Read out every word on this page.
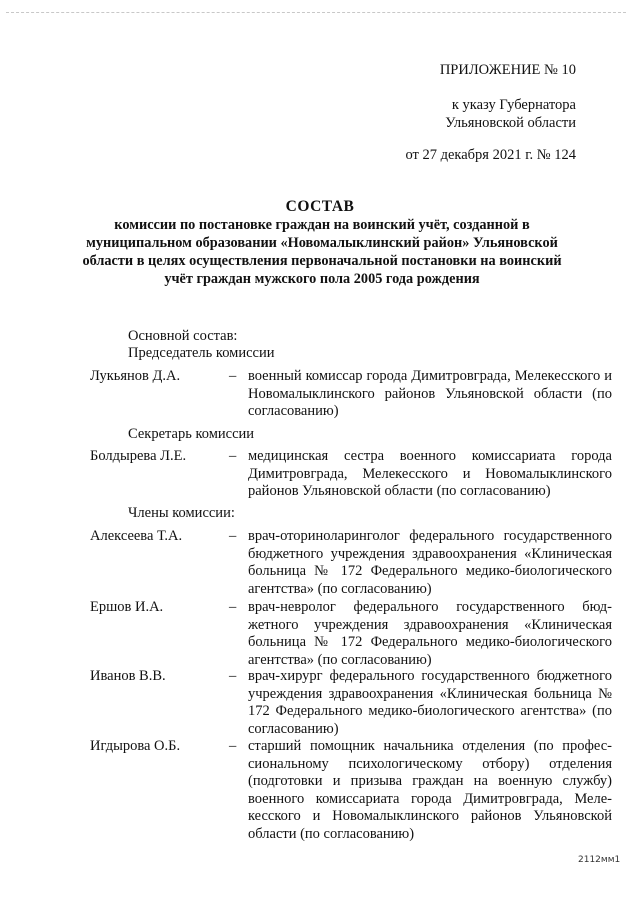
ПРИЛОЖЕНИЕ № 10
к указу Губернатора
Ульяновской области
от 27 декабря 2021 г. № 124
СОСТАВ
комиссии по постановке граждан на воинский учёт, созданной в муниципальном образовании «Новомалыклинский район» Ульяновской области в целях осуществления первоначальной постановки на воинский учёт граждан мужского пола 2005 года рождения
Основной состав:
Председатель комиссии
Лукьянов Д.А.	– военный комиссар города Димитровграда, Мелекесского и Новомалыклинского районов Ульяновской области (по согласованию)
Секретарь комиссии
Болдырева Л.Е.	– медицинская сестра военного комиссариата города Димитровграда, Мелекесского и Новомалыклинского районов Ульяновской области (по согласованию)
Члены комиссии:
Алексеева Т.А.	– врач-оториноларинголог федерального государственного бюджетного учреждения здравоохранения «Клиническая больница № 172 Федерального медико-биологического агентства» (по согласованию)
Ершов И.А.	– врач-невролог федерального государственного бюджетного учреждения здравоохранения «Клиническая больница № 172 Федерального медико-биологического агентства» (по согласованию)
Иванов В.В.	– врач-хирург федерального государственного бюджетного учреждения здравоохранения «Клиническая больница № 172 Федерального медико-биологического агентства» (по согласованию)
Игдырова О.Б.	– старший помощник начальника отделения (по профессиональному психологическому отбору) отделения (подготовки и призыва граждан на военную службу) военного комиссариата города Димитровграда, Мелекесского и Новомалыклинского районов Ульяновской области (по согласованию)
2112мм1
